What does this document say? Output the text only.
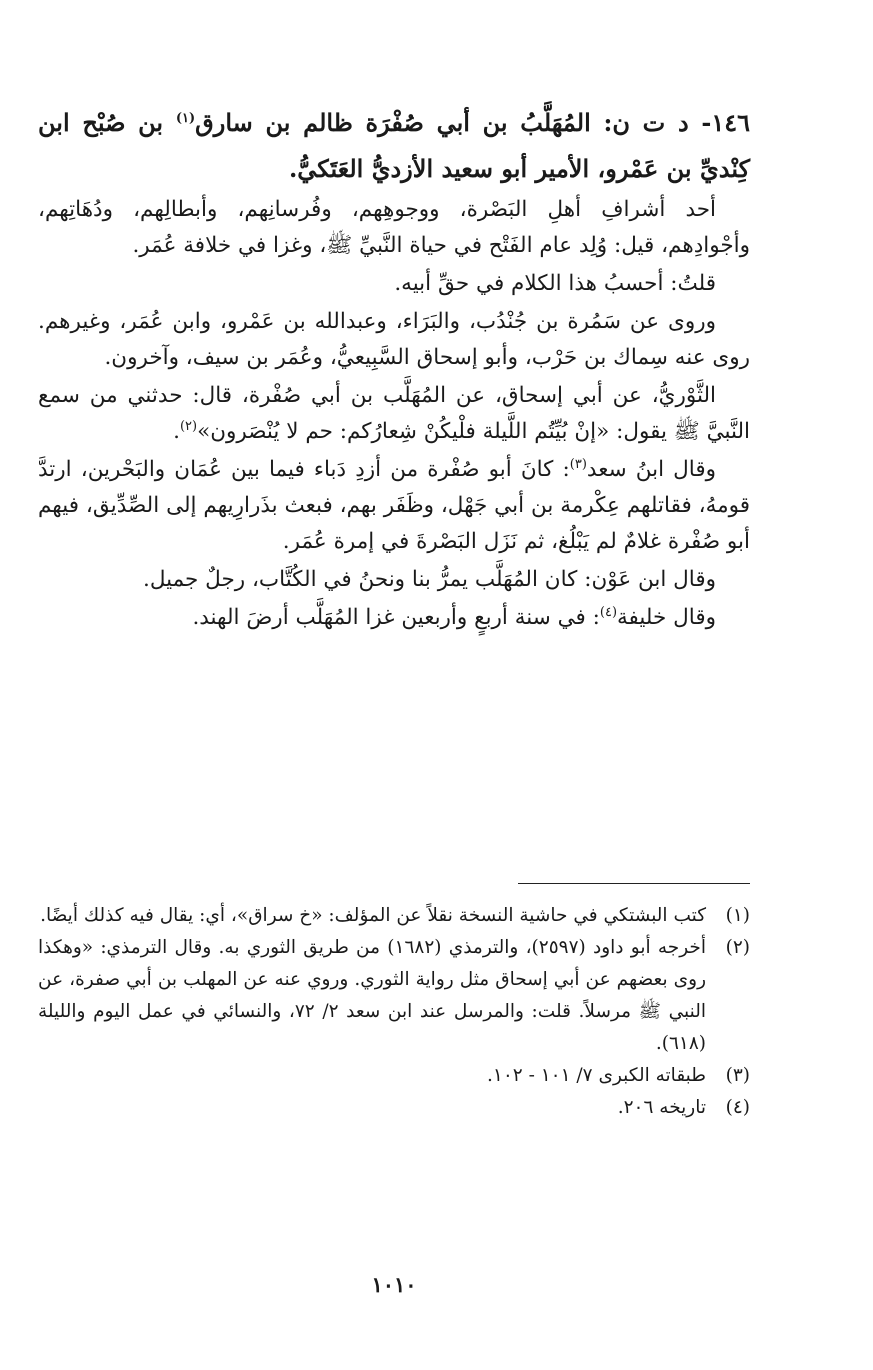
١٤٦- د ت ن: المُهَلَّبُ بن أبي صُفْرَة ظالم بن سارق$^{(١)}$ بن صُبْح ابن كِنْديِّ بن عَمْرو، الأمير أبو سعيد الأزديُّ العَتَكيُّ.

أحد أشرافِ أهلِ البَصْرة، ووجوهِهم، وفُرسانِهم، وأبطالِهم، ودُهَاتِهم، وأجْوادِهم، قيل: وُلِد عام الفَتْح في حياة النَّبيِّ ﷺ، وغزا في خلافة عُمَر.

قلتُ: أحسبُ هذا الكلام في حقِّ أبيه.

وروى عن سَمُرة بن جُنْدُب، والبَرَاء، وعبدالله بن عَمْرو، وابن عُمَر، وغيرهم. روى عنه سِماك بن حَرْب، وأبو إسحاق السَّبِيعيُّ، وعُمَر بن سيف، وآخرون.

الثَّوْريُّ، عن أبي إسحاق، عن المُهَلَّب بن أبي صُفْرة، قال: حدثني من سمع النَّبيَّ ﷺ يقول: «إنْ بُيِّتُم اللَّيلة فلْيكُنْ شِعارُكم: حم لا يُنْصَرون»$^{(٢)}$.

وقال ابنُ سعد$^{(٣)}$: كانَ أبو صُفْرة من أزدِ دَباء فيما بين عُمَان والبَحْرين، ارتدَّ قومهُ، فقاتلهم عِكْرمة بن أبي جَهْل، وظَفَر بهم، فبعث بذَرارِيهم إلى الصِّدِّيق، فيهم أبو صُفْرة غلامٌ لم يَبْلُغ، ثم نَزَل البَصْرةَ في إمرة عُمَر.

وقال ابن عَوْن: كان المُهَلَّب يمرُّ بنا ونحنُ في الكُتَّاب، رجلٌ جميل.

وقال خليفة$^{(٤)}$: في سنة أربعٍ وأربعين غزا المُهَلَّب أرضَ الهند.

(١)
كتب البشتكي في حاشية النسخة نقلاً عن المؤلف: «خ سراق»، أي: يقال فيه كذلك أيضًا.
(٢)
أخرجه أبو داود (٢٥٩٧)، والترمذي (١٦٨٢) من طريق الثوري به. وقال الترمذي: «وهكذا روى بعضهم عن أبي إسحاق مثل رواية الثوري. وروي عنه عن المهلب بن أبي صفرة، عن النبي ﷺ مرسلاً. قلت: والمرسل عند ابن سعد ٢/ ٧٢، والنسائي في عمل اليوم والليلة (٦١٨).
(٣)
طبقاته الكبرى ٧/ ١٠١ - ١٠٢.
(٤)
تاريخه ٢٠٦.
١٠١٠
